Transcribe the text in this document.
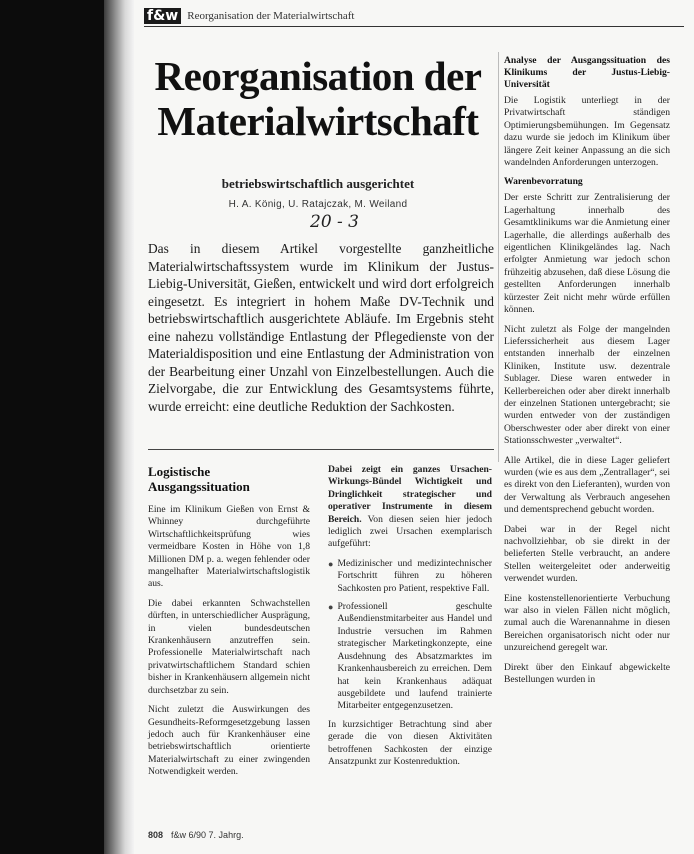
f&w Reorganisation der Materialwirtschaft
Reorganisation der
Materialwirtschaft
betriebswirtschaftlich ausgerichtet
H. A. König, U. Ratajczak, M. Weiland
20 - 3
Das in diesem Artikel vorgestellte ganzheitliche Materialwirtschaftssystem wurde im Klinikum der Justus-Liebig-Universität, Gießen, entwickelt und wird dort erfolgreich eingesetzt. Es integriert in hohem Maße DV-Technik und betriebswirtschaftlich ausgerichtete Abläufe. Im Ergebnis steht eine nahezu vollständige Entlastung der Pflegedienste von der Materialdisposition und eine Entlastung der Administration von der Bearbeitung einer Unzahl von Einzelbestellungen. Auch die Zielvorgabe, die zur Entwicklung des Gesamtsystems führte, wurde erreicht: eine deutliche Reduktion der Sachkosten.
Logistische Ausgangssituation

Eine im Klinikum Gießen von Ernst & Whinney durchgeführte Wirtschaftlichkeitsprüfung wies vermeidbare Kosten in Höhe von 1,8 Millionen DM p. a. wegen fehlender oder mangelhafter Materialwirtschaftslogistik aus.

Die dabei erkannten Schwachstellen dürften, in unterschiedlicher Ausprägung, in vielen bundesdeutschen Krankenhäusern anzutreffen sein. Professionelle Materialwirtschaft nach privatwirtschaftlichem Standard schien bisher in Krankenhäusern allgemein nicht durchsetzbar zu sein.

Nicht zuletzt die Auswirkungen des Gesundheits-Reformgesetzgebung lassen jedoch auch für Krankenhäuser eine betriebswirtschaftlich orientierte Materialwirtschaft zu einer zwingenden Notwendigkeit werden.

Dabei zeigt ein ganzes Ursachen-Wirkungs-Bündel Wichtigkeit und Dringlichkeit strategischer und operativer Instrumente in diesem Bereich. Von diesen seien hier jedoch lediglich zwei Ursachen exemplarisch aufgeführt:

● Medizinischer und medizintechnischer Fortschritt führen zu höheren Sachkosten pro Patient, respektive Fall.
● Professionell geschulte Außendienstmitarbeiter aus Handel und Industrie versuchen im Rahmen strategischer Marketingkonzepte, eine Ausdehnung des Absatzmarktes im Krankenhausbereich zu erreichen. Dem hat kein Krankenhaus adäquat ausgebildete und laufend trainierte Mitarbeiter entgegenzusetzen.

In kurzsichtiger Betrachtung sind aber gerade die von diesen Aktivitäten betroffenen Sachkosten der einzige Ansatzpunkt zur Kostenreduktion.

Analyse der Ausgangssituation des Klinikums der Justus-Liebig-Universität

Die Logistik unterliegt in der Privatwirtschaft ständigen Optimierungsbemühungen. Im Gegensatz dazu wurde sie jedoch im Klinikum über längere Zeit keiner Anpassung an die sich wandelnden Anforderungen unterzogen.

Warenbevorratung

Der erste Schritt zur Zentralisierung der Lagerhaltung innerhalb des Gesamtklinikums war die Anmietung einer Lagerhalle, die allerdings außerhalb des eigentlichen Klinikgeländes lag. Nach erfolgter Anmietung war jedoch schon frühzeitig abzusehen, daß diese Lösung die gestellten Anforderungen innerhalb kürzester Zeit nicht mehr würde erfüllen können.

Nicht zuletzt als Folge der mangelnden Lieferssicherheit aus diesem Lager entstanden innerhalb der einzelnen Kliniken, Institute usw. dezentrale Sublager. Diese waren entweder in Kellerbereichen oder aber direkt innerhalb der einzelnen Stationen untergebracht; sie wurden entweder von der zuständigen Oberschwester oder aber direkt von einer Stationsschwester „verwaltet“.

Alle Artikel, die in diese Lager geliefert wurden (wie es aus dem „Zentrallager“, sei es direkt von den Lieferanten), wurden von der Verwaltung als Verbrauch angesehen und dementsprechend gebucht worden.

Dabei war in der Regel nicht nachvollziehbar, ob sie direkt in der belieferten Stelle verbraucht, an andere Stellen weitergeleitet oder anderweitig verwendet wurden.

Eine kostenstellenorientierte Verbuchung war also in vielen Fällen nicht möglich, zumal auch die Warenannahme in diesen Bereichen organisatorisch nicht oder nur unzureichend geregelt war.

Direkt über den Einkauf abgewickelte Bestellungen wurden in

808 f&w 6/90 7. Jahrg.
